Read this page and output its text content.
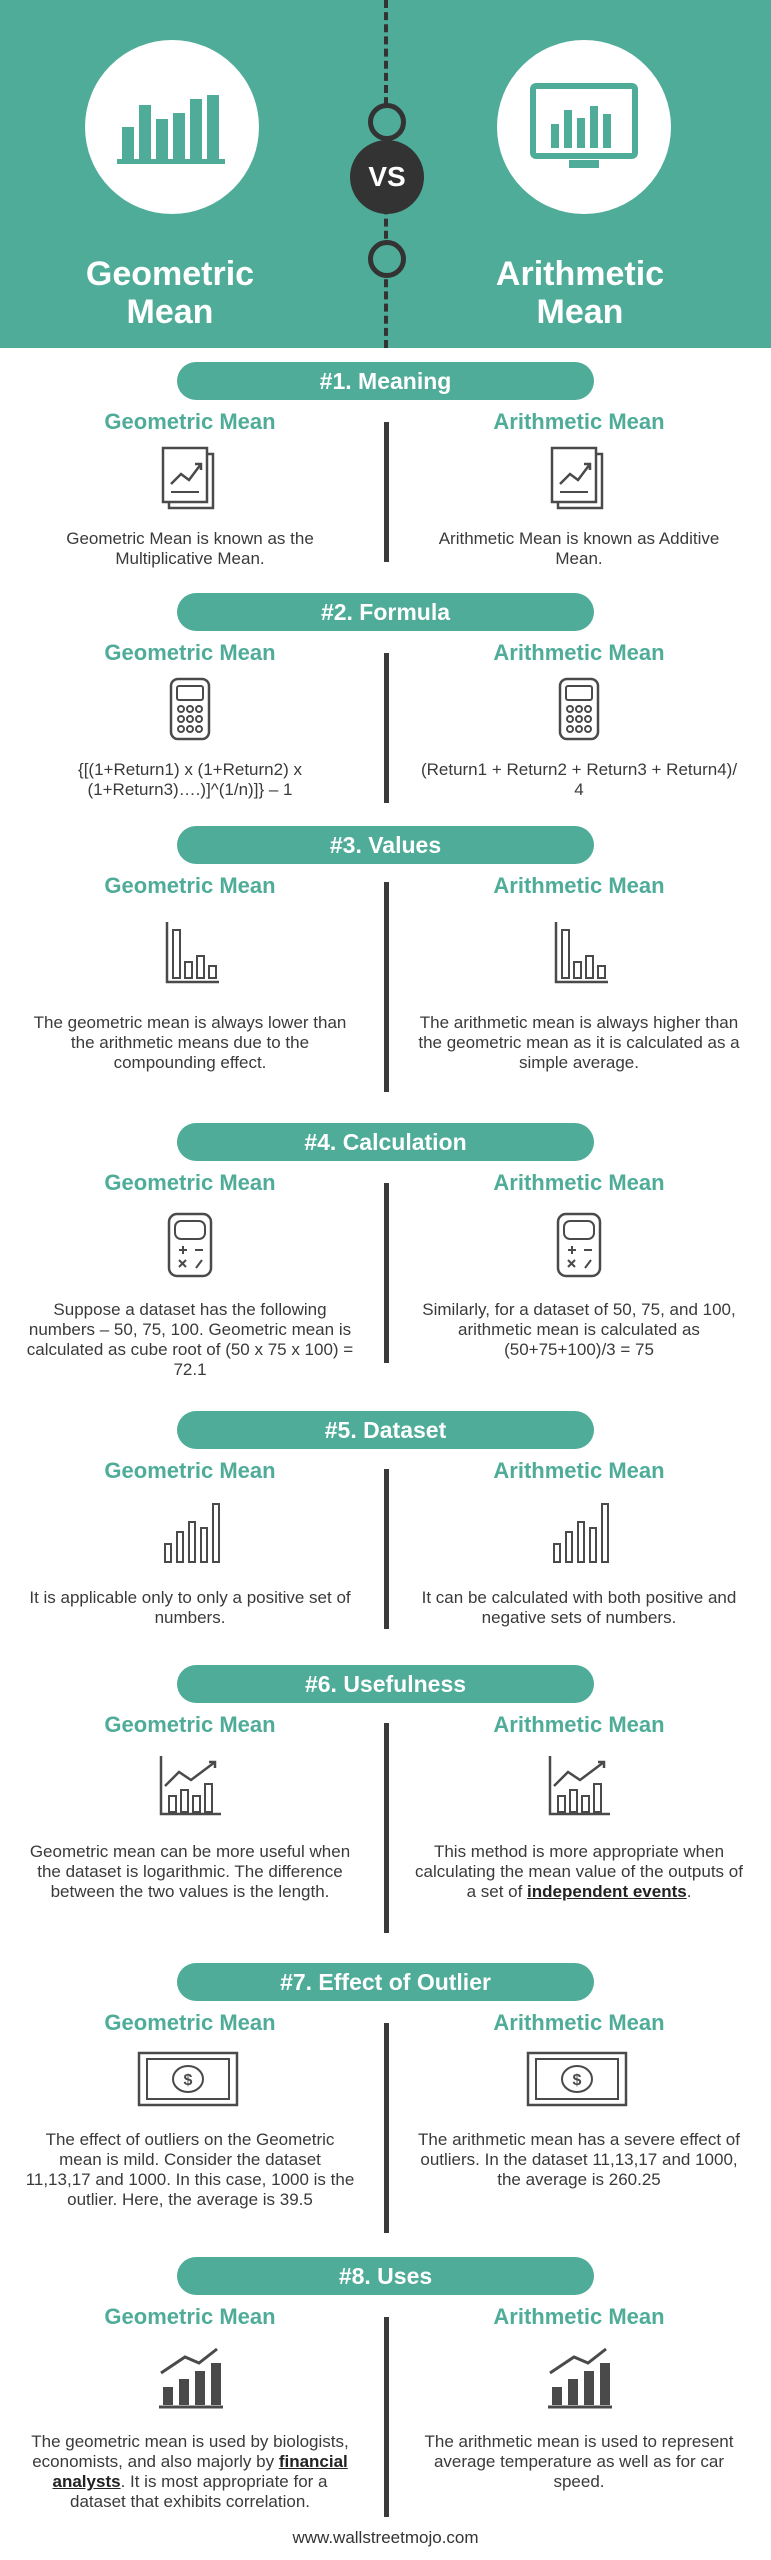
VS
Geometric
Mean
Arithmetic
Mean
#1. Meaning
Geometric Mean
Geometric Mean is known as the Multiplicative Mean.
Arithmetic Mean
Arithmetic Mean is known as Additive Mean.
#2. Formula
Geometric Mean
{[(1+Return1) x (1+Return2) x (1+Return3)….)]^(1/n)]} – 1
Arithmetic Mean
(Return1 + Return2 + Return3 + Return4)/ 4
#3. Values
Geometric Mean
The geometric mean is always lower than the arithmetic means due to the compounding effect.
Arithmetic Mean
The arithmetic mean is always higher than the geometric mean as it is calculated as a simple average.
#4. Calculation
Geometric Mean
Suppose a dataset has the following numbers – 50, 75, 100. Geometric mean is calculated as cube root of (50 x 75 x 100) = 72.1
Arithmetic Mean
Similarly, for a dataset of 50, 75, and 100, arithmetic mean is calculated as (50+75+100)/3 = 75
#5. Dataset
Geometric Mean
It is applicable only to only a positive set of numbers.
Arithmetic Mean
It can be calculated with both positive and negative sets of numbers.
#6. Usefulness
Geometric Mean
Geometric mean can be more useful when the dataset is logarithmic. The difference between the two values is the length.
Arithmetic Mean
This method is more appropriate when calculating the mean value of the outputs of a set of independent events.
#7. Effect of Outlier
Geometric Mean
$
The effect of outliers on the Geometric mean is mild. Consider the dataset 11,13,17 and 1000. In this case, 1000 is the outlier. Here, the average is 39.5
Arithmetic Mean
$
The arithmetic mean has a severe effect of outliers. In the dataset 11,13,17 and 1000, the average is 260.25
#8. Uses
Geometric Mean
The geometric mean is used by biologists, economists, and also majorly by financial analysts. It is most appropriate for a dataset that exhibits correlation.
Arithmetic Mean
The arithmetic mean is used to represent average temperature as well as for car speed.
www.wallstreetmojo.com
